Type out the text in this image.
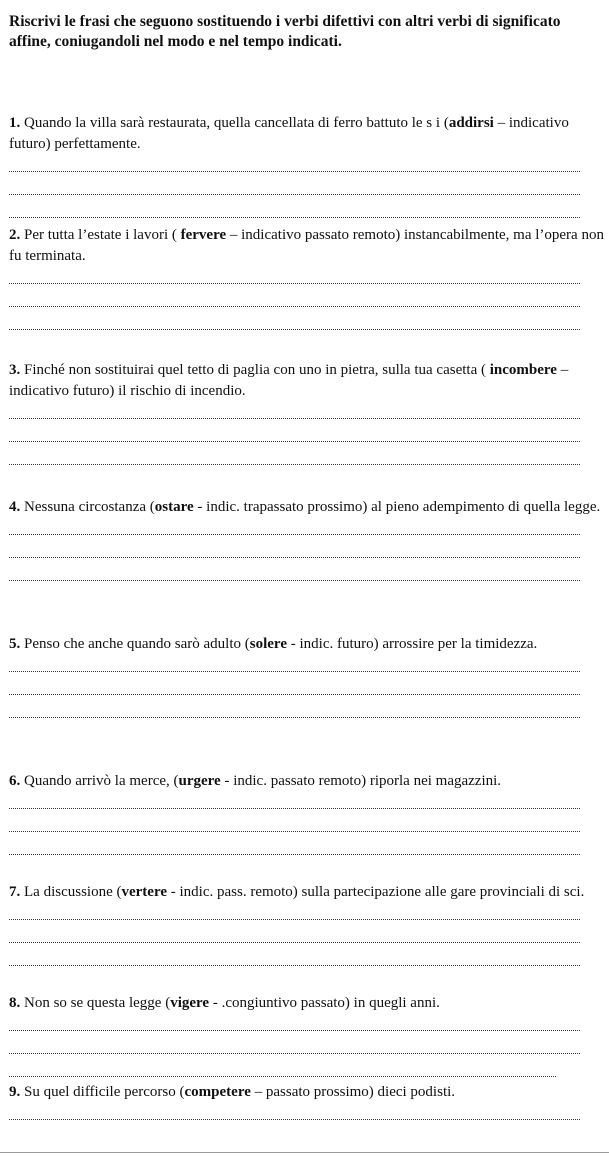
Riscrivi le frasi che seguono sostituendo i verbi difettivi con altri verbi di significato affine, coniugandoli nel modo e nel tempo indicati.

1. Quando la villa sarà restaurata, quella cancellata di ferro battuto le s i (addirsi – indicativo futuro) perfettamente.

2. Per tutta l’estate i lavori ( fervere – indicativo passato remoto) instancabilmente, ma l’opera non fu terminata.

3. Finché non sostituirai quel tetto di paglia con uno in pietra, sulla tua casetta ( incombere – indicativo futuro) il rischio di incendio.

4. Nessuna circostanza (ostare - indic. trapassato prossimo) al pieno adempimento di quella legge.

5. Penso che anche quando sarò adulto (solere - indic. futuro) arrossire per la timidezza.

6. Quando arrivò la merce, (urgere - indic. passato remoto) riporla nei magazzini.

7. La discussione (vertere - indic. pass. remoto) sulla partecipazione alle gare provinciali di sci.

8. Non so se questa legge (vigere - .congiuntivo passato) in quegli anni.

9. Su quel difficile percorso (competere – passato prossimo) dieci podisti.
